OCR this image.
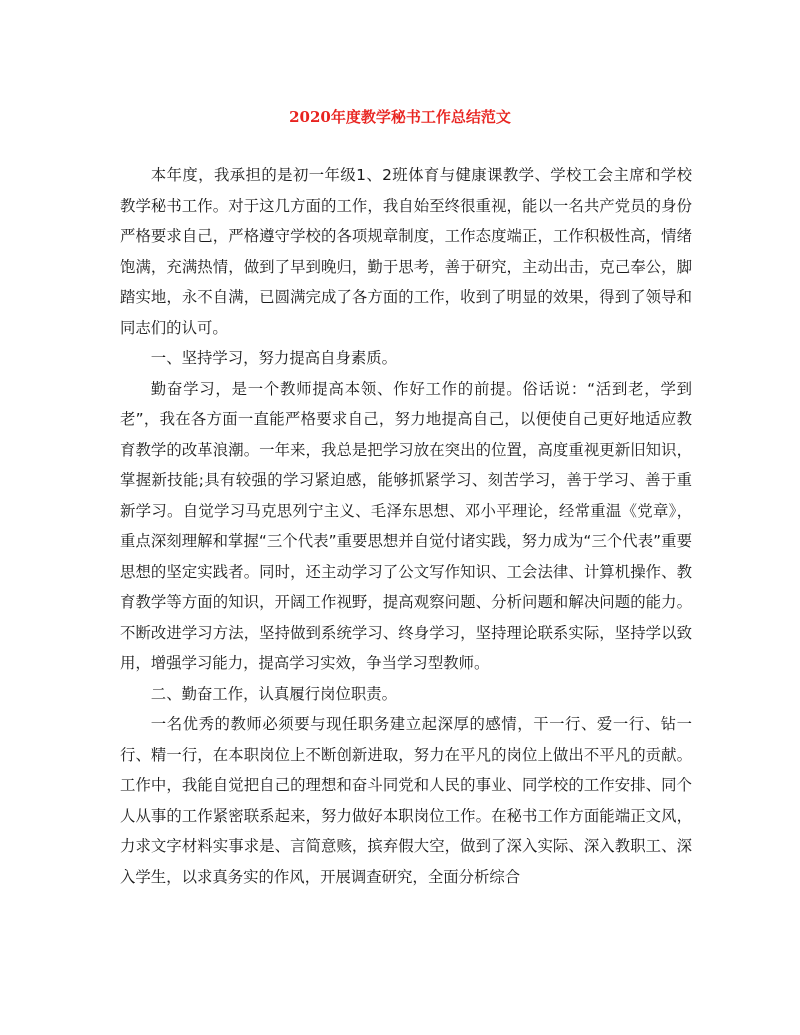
2020年度教学秘书工作总结范文

本年度，我承担的是初一年级1、2班体育与健康课教学、学校工会主席和学校教学秘书工作。对于这几方面的工作，我自始至终很重视，能以一名共产党员的身份严格要求自己，严格遵守学校的各项规章制度，工作态度端正，工作积极性高，情绪饱满，充满热情，做到了早到晚归，勤于思考，善于研究，主动出击，克己奉公，脚踏实地，永不自满，已圆满完成了各方面的工作，收到了明显的效果，得到了领导和同志们的认可。

一、坚持学习，努力提高自身素质。

勤奋学习，是一个教师提高本领、作好工作的前提。俗话说：“活到老，学到老”，我在各方面一直能严格要求自己，努力地提高自己，以便使自己更好地适应教育教学的改革浪潮。一年来，我总是把学习放在突出的位置，高度重视更新旧知识，掌握新技能;具有较强的学习紧迫感，能够抓紧学习、刻苦学习，善于学习、善于重新学习。自觉学习马克思列宁主义、毛泽东思想、邓小平理论，经常重温《党章》，重点深刻理解和掌握“三个代表”重要思想并自觉付诸实践，努力成为“三个代表”重要思想的坚定实践者。同时，还主动学习了公文写作知识、工会法律、计算机操作、教育教学等方面的知识，开阔工作视野，提高观察问题、分析问题和解决问题的能力。不断改进学习方法，坚持做到系统学习、终身学习，坚持理论联系实际，坚持学以致用，增强学习能力，提高学习实效，争当学习型教师。

二、勤奋工作，认真履行岗位职责。

一名优秀的教师必须要与现任职务建立起深厚的感情，干一行、爱一行、钻一行、精一行，在本职岗位上不断创新进取，努力在平凡的岗位上做出不平凡的贡献。工作中，我能自觉把自己的理想和奋斗同党和人民的事业、同学校的工作安排、同个人从事的工作紧密联系起来，努力做好本职岗位工作。在秘书工作方面能端正文风，力求文字材料实事求是、言简意赅，摈弃假大空，做到了深入实际、深入教职工、深入学生，以求真务实的作风，开展调查研究，全面分析综合
